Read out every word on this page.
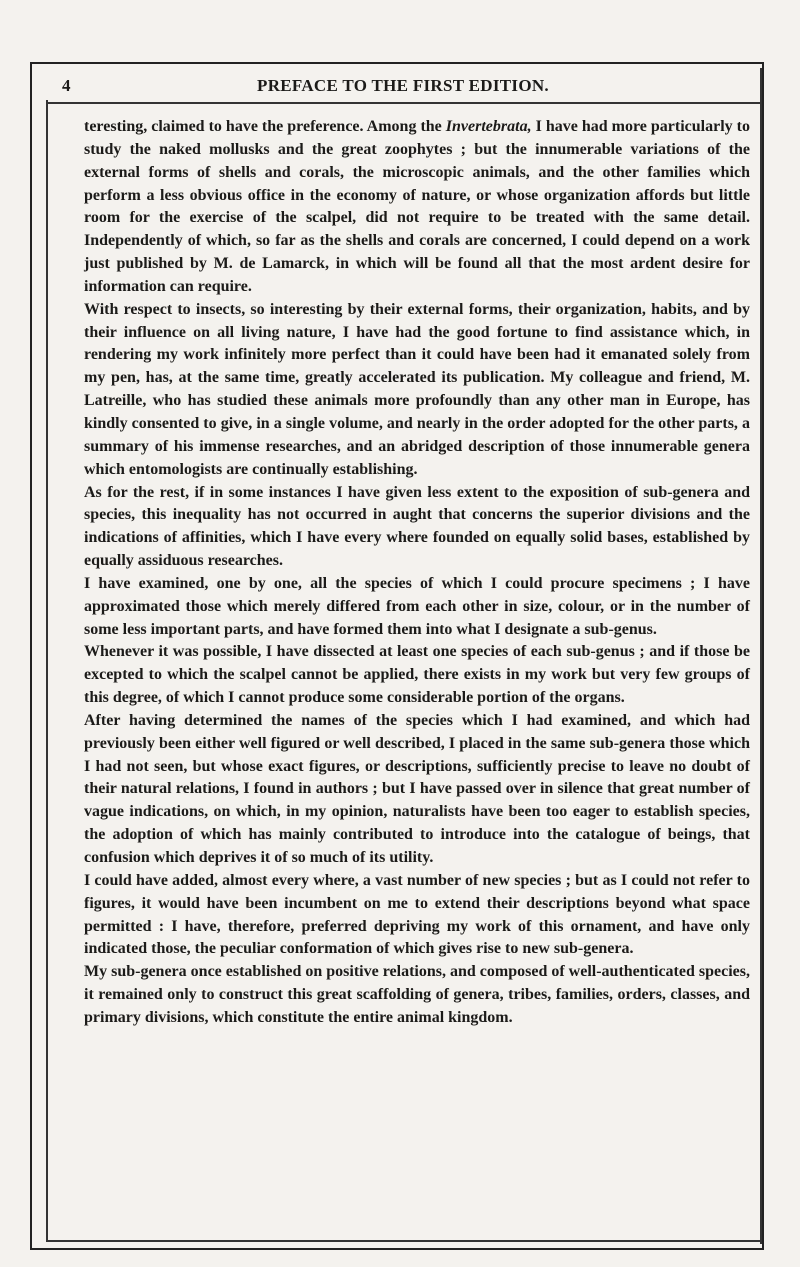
4	PREFACE TO THE FIRST EDITION.

teresting, claimed to have the preference. Among the Invertebrata, I have had more particularly to study the naked mollusks and the great zoophytes ; but the innumerable variations of the external forms of shells and corals, the microscopic animals, and the other families which perform a less obvious office in the economy of nature, or whose organization affords but little room for the exercise of the scalpel, did not require to be treated with the same detail. Independently of which, so far as the shells and corals are concerned, I could depend on a work just published by M. de Lamarck, in which will be found all that the most ardent desire for information can require.

With respect to insects, so interesting by their external forms, their organization, habits, and by their influence on all living nature, I have had the good fortune to find assistance which, in rendering my work infinitely more perfect than it could have been had it emanated solely from my pen, has, at the same time, greatly accelerated its publication. My colleague and friend, M. Latreille, who has studied these animals more profoundly than any other man in Europe, has kindly consented to give, in a single volume, and nearly in the order adopted for the other parts, a summary of his immense researches, and an abridged description of those innumerable genera which entomologists are continually establishing.

As for the rest, if in some instances I have given less extent to the exposition of sub-genera and species, this inequality has not occurred in aught that concerns the superior divisions and the indications of affinities, which I have every where founded on equally solid bases, established by equally assiduous researches.

I have examined, one by one, all the species of which I could procure specimens ; I have approximated those which merely differed from each other in size, colour, or in the number of some less important parts, and have formed them into what I designate a sub-genus.

Whenever it was possible, I have dissected at least one species of each sub-genus ; and if those be excepted to which the scalpel cannot be applied, there exists in my work but very few groups of this degree, of which I cannot produce some considerable portion of the organs.

After having determined the names of the species which I had examined, and which had previously been either well figured or well described, I placed in the same sub-genera those which I had not seen, but whose exact figures, or descriptions, sufficiently precise to leave no doubt of their natural relations, I found in authors ; but I have passed over in silence that great number of vague indications, on which, in my opinion, naturalists have been too eager to establish species, the adoption of which has mainly contributed to introduce into the catalogue of beings, that confusion which deprives it of so much of its utility.

I could have added, almost every where, a vast number of new species ; but as I could not refer to figures, it would have been incumbent on me to extend their descriptions beyond what space permitted : I have, therefore, preferred depriving my work of this ornament, and have only indicated those, the peculiar conformation of which gives rise to new sub-genera.

My sub-genera once established on positive relations, and composed of well-authenticated species, it remained only to construct this great scaffolding of genera, tribes, families, orders, classes, and primary divisions, which constitute the entire animal kingdom.
